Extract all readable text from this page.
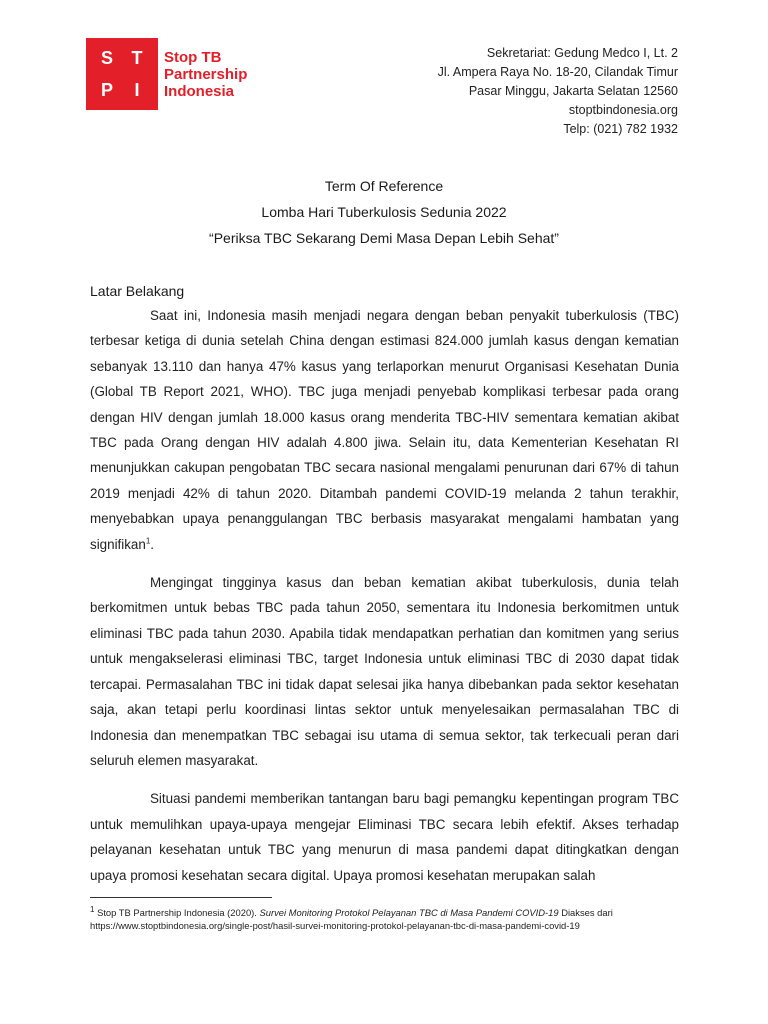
S T
P I
Stop TB
Partnership
Indonesia
Sekretariat: Gedung Medco I, Lt. 2
Jl. Ampera Raya No. 18-20, Cilandak Timur
Pasar Minggu, Jakarta Selatan 12560
stoptbindonesia.org
Telp: (021) 782 1932
Term Of Reference
Lomba Hari Tuberkulosis Sedunia 2022
“Periksa TBC Sekarang Demi Masa Depan Lebih Sehat”
Latar Belakang

Saat ini, Indonesia masih menjadi negara dengan beban penyakit tuberkulosis (TBC) terbesar ketiga di dunia setelah China dengan estimasi 824.000 jumlah kasus dengan kematian sebanyak 13.110 dan hanya 47% kasus yang terlaporkan menurut Organisasi Kesehatan Dunia (Global TB Report 2021, WHO). TBC juga menjadi penyebab komplikasi terbesar pada orang dengan HIV dengan jumlah 18.000 kasus orang menderita TBC-HIV sementara kematian akibat TBC pada Orang dengan HIV adalah 4.800 jiwa. Selain itu, data Kementerian Kesehatan RI menunjukkan cakupan pengobatan TBC secara nasional mengalami penurunan dari 67% di tahun 2019 menjadi 42% di tahun 2020. Ditambah pandemi COVID-19 melanda 2 tahun terakhir, menyebabkan upaya penanggulangan TBC berbasis masyarakat mengalami hambatan yang signifikan$^1$.

Mengingat tingginya kasus dan beban kematian akibat tuberkulosis, dunia telah berkomitmen untuk bebas TBC pada tahun 2050, sementara itu Indonesia berkomitmen untuk eliminasi TBC pada tahun 2030. Apabila tidak mendapatkan perhatian dan komitmen yang serius untuk mengakselerasi eliminasi TBC, target Indonesia untuk eliminasi TBC di 2030 dapat tidak tercapai. Permasalahan TBC ini tidak dapat selesai jika hanya dibebankan pada sektor kesehatan saja, akan tetapi perlu koordinasi lintas sektor untuk menyelesaikan permasalahan TBC di Indonesia dan menempatkan TBC sebagai isu utama di semua sektor, tak terkecuali peran dari seluruh elemen masyarakat.

Situasi pandemi memberikan tantangan baru bagi pemangku kepentingan program TBC untuk memulihkan upaya-upaya mengejar Eliminasi TBC secara lebih efektif. Akses terhadap pelayanan kesehatan untuk TBC yang menurun di masa pandemi dapat ditingkatkan dengan upaya promosi kesehatan secara digital. Upaya promosi kesehatan merupakan salah

$^1$ Stop TB Partnership Indonesia (2020). Survei Monitoring Protokol Pelayanan TBC di Masa Pandemi COVID-19 Diakses dari https://www.stoptbindonesia.org/single-post/hasil-survei-monitoring-protokol-pelayanan-tbc-di-masa-pandemi-covid-19
